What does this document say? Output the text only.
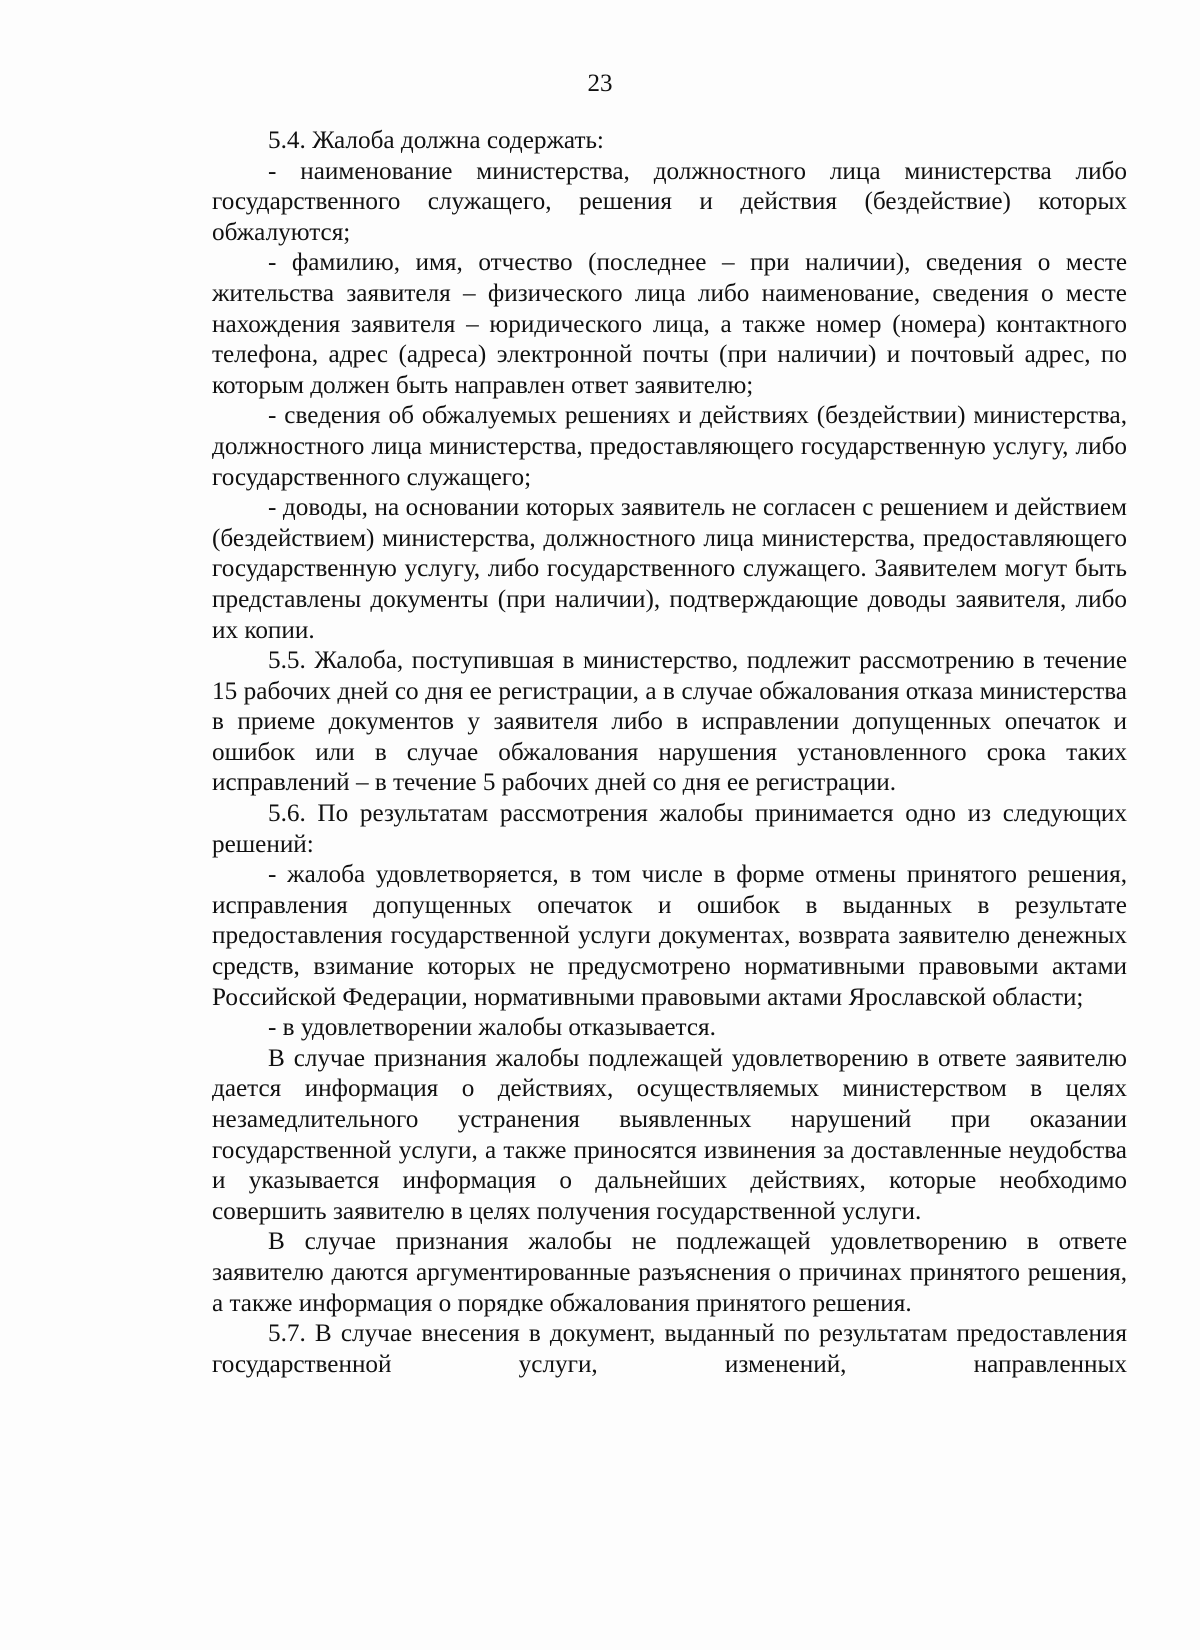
23

5.4. Жалоба должна содержать:

- наименование министерства, должностного лица министерства либо государственного служащего, решения и действия (бездействие) которых обжалуются;

- фамилию, имя, отчество (последнее – при наличии), сведения о месте жительства заявителя – физического лица либо наименование, сведения о месте нахождения заявителя – юридического лица, а также номер (номера) контактного телефона, адрес (адреса) электронной почты (при наличии) и почтовый адрес, по которым должен быть направлен ответ заявителю;

- сведения об обжалуемых решениях и действиях (бездействии) министерства, должностного лица министерства, предоставляющего государственную услугу, либо государственного служащего;

- доводы, на основании которых заявитель не согласен с решением и действием (бездействием) министерства, должностного лица министерства, предоставляющего государственную услугу, либо государственного служащего. Заявителем могут быть представлены документы (при наличии), подтверждающие доводы заявителя, либо их копии.

5.5. Жалоба, поступившая в министерство, подлежит рассмотрению в течение 15 рабочих дней со дня ее регистрации, а в случае обжалования отказа министерства в приеме документов у заявителя либо в исправлении допущенных опечаток и ошибок или в случае обжалования нарушения установленного срока таких исправлений – в течение 5 рабочих дней со дня ее регистрации.

5.6. По результатам рассмотрения жалобы принимается одно из следующих решений:

- жалоба удовлетворяется, в том числе в форме отмены принятого решения, исправления допущенных опечаток и ошибок в выданных в результате предоставления государственной услуги документах, возврата заявителю денежных средств, взимание которых не предусмотрено нормативными правовыми актами Российской Федерации, нормативными правовыми актами Ярославской области;

- в удовлетворении жалобы отказывается.

В случае признания жалобы подлежащей удовлетворению в ответе заявителю дается информация о действиях, осуществляемых министерством в целях незамедлительного устранения выявленных нарушений при оказании государственной услуги, а также приносятся извинения за доставленные неудобства и указывается информация о дальнейших действиях, которые необходимо совершить заявителю в целях получения государственной услуги.

В случае признания жалобы не подлежащей удовлетворению в ответе заявителю даются аргументированные разъяснения о причинах принятого решения, а также информация о порядке обжалования принятого решения.

5.7. В случае внесения в документ, выданный по результатам предоставления государственной услуги, изменений, направленных
